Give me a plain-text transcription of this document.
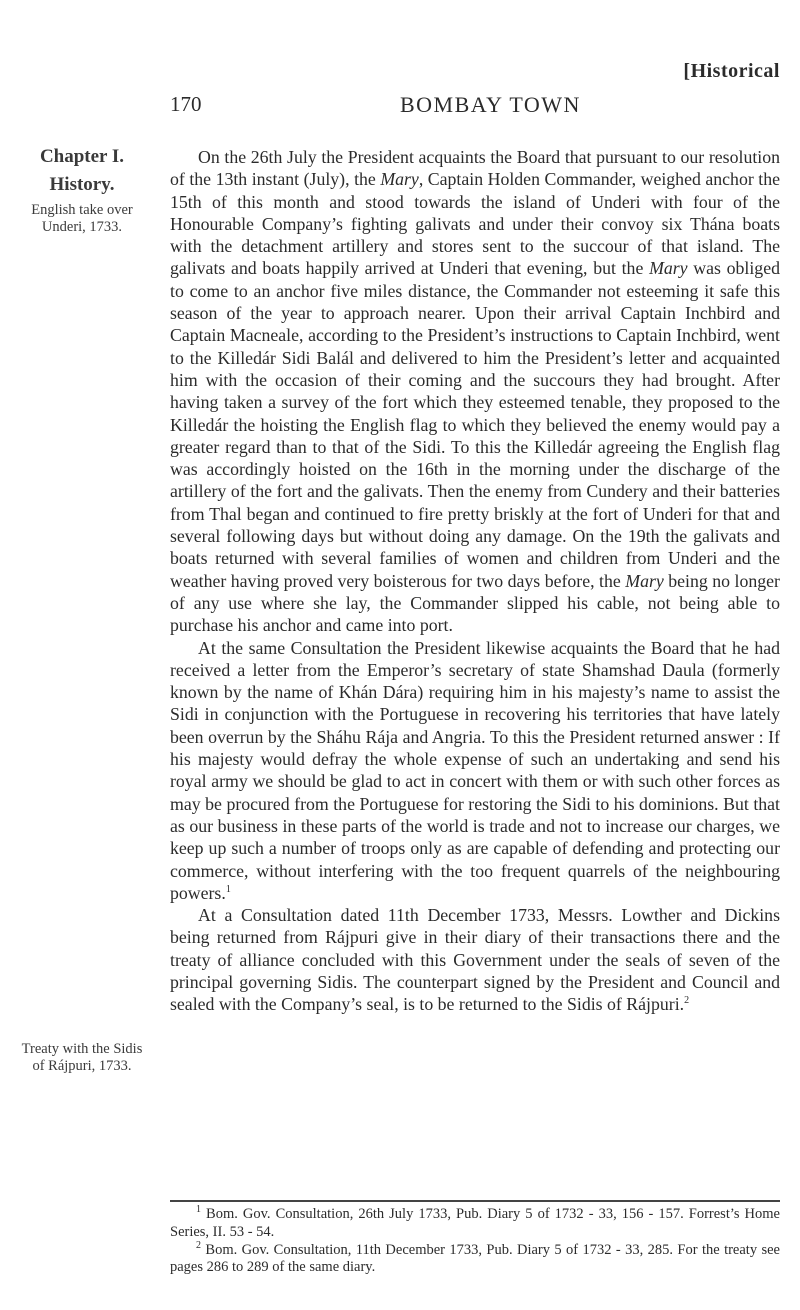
[Historical
170	BOMBAY TOWN
Chapter I.
History.
English take over Underi, 1733.
Treaty with the Sidis of Rájpuri, 1733.

On the 26th July the President acquaints the Board that pursuant to our resolution of the 13th instant (July), the Mary, Captain Holden Commander, weighed anchor the 15th of this month and stood towards the island of Underi with four of the Honourable Company’s fighting galivats and under their convoy six Thána boats with the detachment artillery and stores sent to the succour of that island. The galivats and boats happily arrived at Underi that evening, but the Mary was obliged to come to an anchor five miles distance, the Commander not esteeming it safe this season of the year to approach nearer. Upon their arrival Captain Inchbird and Captain Macneale, according to the President’s instructions to Captain Inchbird, went to the Killedár Sidi Balál and delivered to him the President’s letter and acquainted him with the occasion of their coming and the succours they had brought. After having taken a survey of the fort which they esteemed tenable, they proposed to the Killedár the hoisting the English flag to which they believed the enemy would pay a greater regard than to that of the Sidi. To this the Killedár agreeing the English flag was accordingly hoisted on the 16th in the morning under the discharge of the artillery of the fort and the galivats. Then the enemy from Cundery and their batteries from Thal began and continued to fire pretty briskly at the fort of Underi for that and several following days but without doing any damage. On the 19th the galivats and boats returned with several families of women and children from Underi and the weather having proved very boisterous for two days before, the Mary being no longer of any use where she lay, the Commander slipped his cable, not being able to purchase his anchor and came into port.

At the same Consultation the President likewise acquaints the Board that he had received a letter from the Emperor’s secretary of state Shamshad Daula (formerly known by the name of Khán Dára) requiring him in his majesty’s name to assist the Sidi in conjunction with the Portuguese in recovering his territories that have lately been overrun by the Sháhu Rája and Angria. To this the President returned answer : If his majesty would defray the whole expense of such an undertaking and send his royal army we should be glad to act in concert with them or with such other forces as may be procured from the Portuguese for restoring the Sidi to his dominions. But that as our business in these parts of the world is trade and not to increase our charges, we keep up such a number of troops only as are capable of defending and protecting our commerce, without interfering with the too frequent quarrels of the neighbouring powers.$^1$

At a Consultation dated 11th December 1733, Messrs. Lowther and Dickins being returned from Rájpuri give in their diary of their transactions there and the treaty of alliance concluded with this Government under the seals of seven of the principal governing Sidis. The counterpart signed by the President and Council and sealed with the Company’s seal, is to be returned to the Sidis of Rájpuri.$^2$

$^1$ Bom. Gov. Consultation, 26th July 1733, Pub. Diary 5 of 1732 - 33, 156 - 157. Forrest’s Home Series, II. 53 - 54.

$^2$ Bom. Gov. Consultation, 11th December 1733, Pub. Diary 5 of 1732 - 33, 285. For the treaty see pages 286 to 289 of the same diary.
